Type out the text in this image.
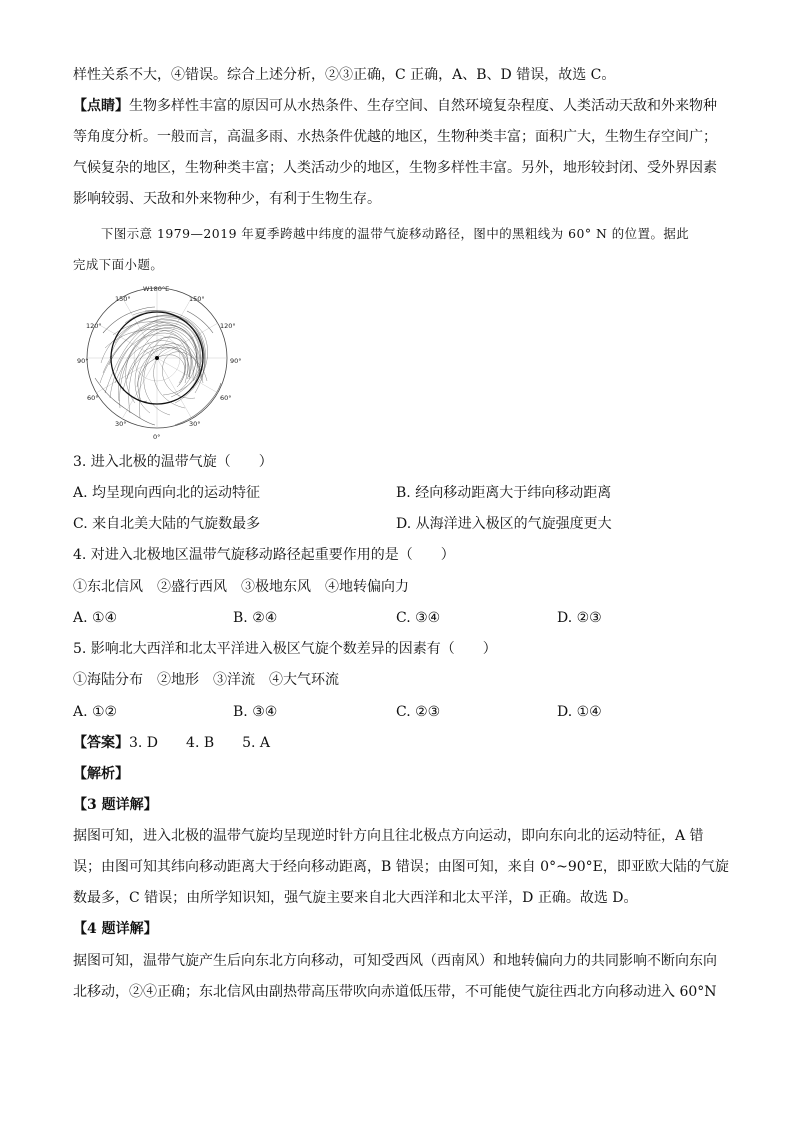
样性关系不大，④错误。综合上述分析，②③正确，C 正确，A、B、D 错误，故选 C。
【点睛】生物多样性丰富的原因可从水热条件、生存空间、自然环境复杂程度、人类活动天敌和外来物种
等角度分析。一般而言，高温多雨、水热条件优越的地区，生物种类丰富；面积广大，生物生存空间广；
气候复杂的地区，生物种类丰富；人类活动少的地区，生物多样性丰富。另外，地形较封闭、受外界因素
影响较弱、天敌和外来物种少，有利于生物生存。
下图示意 1979—2019 年夏季跨越中纬度的温带气旋移动路径，图中的黑粗线为 60° N 的位置。据此
完成下面小题。
W180°E
150°	150°
120°	120°
90°	90°
60°	60°
30°	30°
0°
3. 进入北极的温带气旋（　　）
A. 均呈现向西向北的运动特征	B. 经向移动距离大于纬向移动距离
C. 来自北美大陆的气旋数最多	D. 从海洋进入极区的气旋强度更大
4. 对进入北极地区温带气旋移动路径起重要作用的是（　　）
①东北信风　②盛行西风　③极地东风　④地转偏向力
A. ①④	B. ②④	C. ③④	D. ②③
5. 影响北大西洋和北太平洋进入极区气旋个数差异的因素有（　　）
①海陆分布　②地形　③洋流　④大气环流
A. ①②	B. ③④	C. ②③	D. ①④
【答案】3. D　　4. B　　5. A
【解析】
【3 题详解】
据图可知，进入北极的温带气旋均呈现逆时针方向且往北极点方向运动，即向东向北的运动特征，A 错
误；由图可知其纬向移动距离大于经向移动距离，B 错误；由图可知，来自 0°~90°E，即亚欧大陆的气旋
数最多，C 错误；由所学知识知，强气旋主要来自北大西洋和北太平洋，D 正确。故选 D。
【4 题详解】
据图可知，温带气旋产生后向东北方向移动，可知受西风（西南风）和地转偏向力的共同影响不断向东向
北移动，②④正确；东北信风由副热带高压带吹向赤道低压带，不可能使气旋往西北方向移动进入 60°N
